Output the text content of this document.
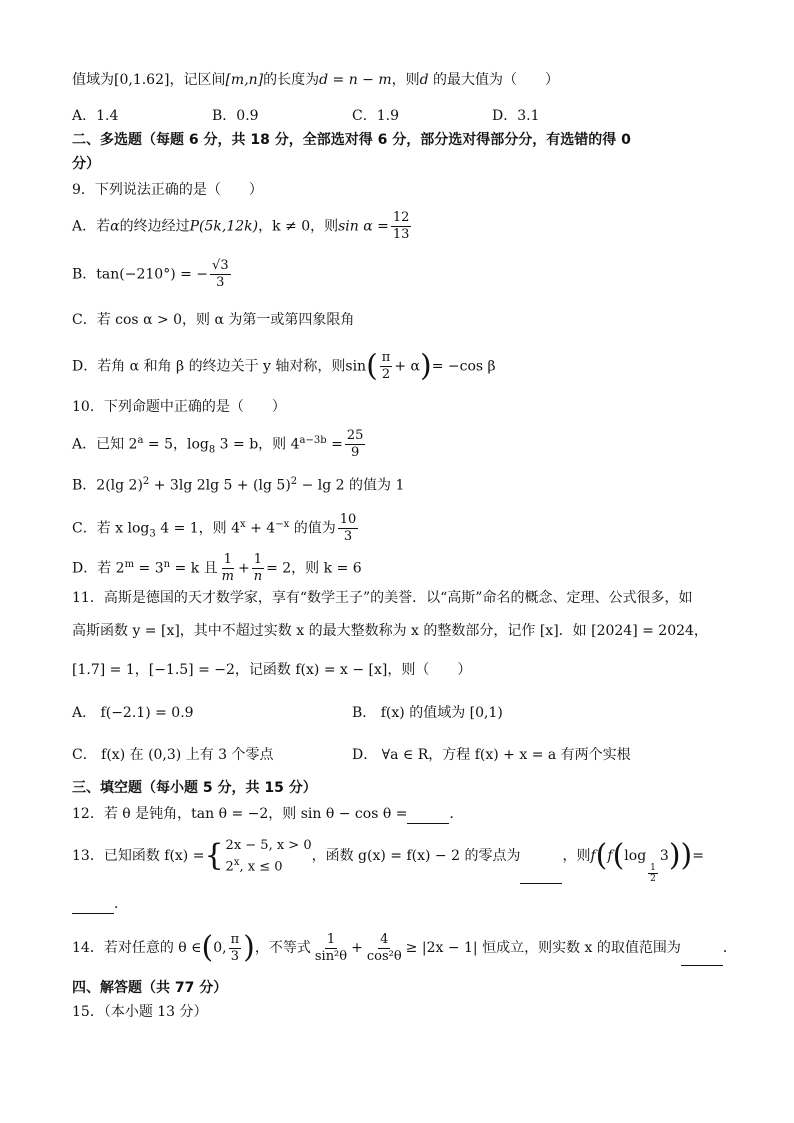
值域为[0,1.62]，记区间[m,n]的长度为d = n − m，则d 的最大值为（　　）
A．1.4	B．0.9	C．1.9	D．3.1
二、多选题（每题 6 分，共 18 分，全部选对得 6 分，部分选对得部分分，有选错的得 0
分）
9．下列说法正确的是（　　）
A．若α的终边经过P(5k,12k)，k ≠ 0，则$\sin \alpha = \frac{12}{13}$
B．tan(−210°) = − $\frac{√3}{3}$
C．若 cos α > 0，则 α 为第一或第四象限角
D．若角 α 和角 β 的终边关于 y 轴对称，则$\sin( \frac{\pi}{2} + \alpha)= -\cos$ β
10．下列命题中正确的是（　　）
A．已知 $2^a = 5$，$\log_8 3 = b$，则 $4^{a-3b} = \frac{25}{9}$
B．2(lg 2)$^2$ + 3lg 2lg 5 + (lg 5)$^2$ − lg 2 的值为 1
C．若 x $\log_3 4 = 1$，则 $4^x + 4^{-x}$ 的值为 $\frac{10}{3}$
D．若 $2^m = 3^n = k$ 且 $\frac{1}{m} + \frac{1}{n} = 2$，则 k = 6
11．高斯是德国的天才数学家，享有“数学王子”的美誉．以“高斯”命名的概念、定理、公式很多，如
高斯函数 y = [x]，其中不超过实数 x 的最大整数称为 x 的整数部分，记作 [x]．如 [2024] = 2024，
[1.7] = 1，[−1.5] = −2，记函数 f(x) = x − [x]，则（　　）
A． f(−2.1) = 0.9	B． f(x) 的值域为 [0,1)
C． f(x) 在 (0,3) 上有 3 个零点	D． ∀a ∈ R，方程 f(x) + x = a 有两个实根
三、填空题（每小题 5 分，共 15 分）
12．若 θ 是钝角，tan θ = −2，则 sin θ − cos θ =	．
13．已知函数 f(x) = { 2x − 5, x > 0
2$^x$, x ≤ 0
，函数 g(x) = f(x) − 2 的零点为	，则f(f(log
$\frac{1}{2}$
3))=
．
14．若对任意的 θ ∈(0, $\frac{\pi}{3}$ )，不等式 $\frac{1}{\text{sin²θ}} + \frac{4}{\text{cos²θ}} \ge |2x - 1|$ 恒成立，则实数 x 的取值范围为	．
四、解答题（共 77 分）
15．（本小题 13 分）
